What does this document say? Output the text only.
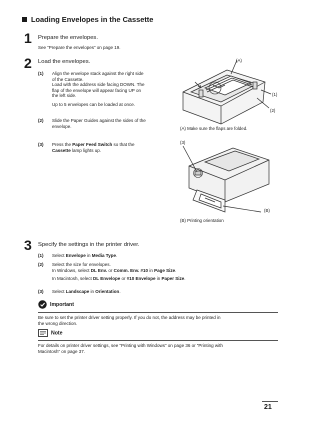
Loading Envelopes in the Cassette
1 Prepare the envelopes.
See “Prepare the envelopes” on page 19.
2 Load the envelopes.
(1) Align the envelope stack against the right side
of the Cassette.
Load with the address side facing DOWN. The
flap of the envelope will appear facing UP on
the left side.
Up to 5 envelopes can be loaded at once.
(2) Slide the Paper Guides against the sides of the
envelope.
(3) Press the Paper Feed Switch so that the
Cassette lamp lights up.
(A)
(1)
(2)
(A) Make sure the flaps are folded.
(3)
(B)
(B) Printing orientation
3 Specify the settings in the printer driver.
(1) Select Envelope in Media Type.
(2) Select the size for envelopes.
In Windows, select DL Env. or Comm. Env. #10 in Page Size.
In Macintosh, select DL Envelope or #10 Envelope in Paper Size.
(3) Select Landscape in Orientation.
Important
Be sure to set the printer driver setting properly. If you do not, the address may be printed in
the wrong direction.
Note
For details on printer driver settings, see “Printing with Windows” on page 36 or “Printing with
Macintosh” on page 37.
21
